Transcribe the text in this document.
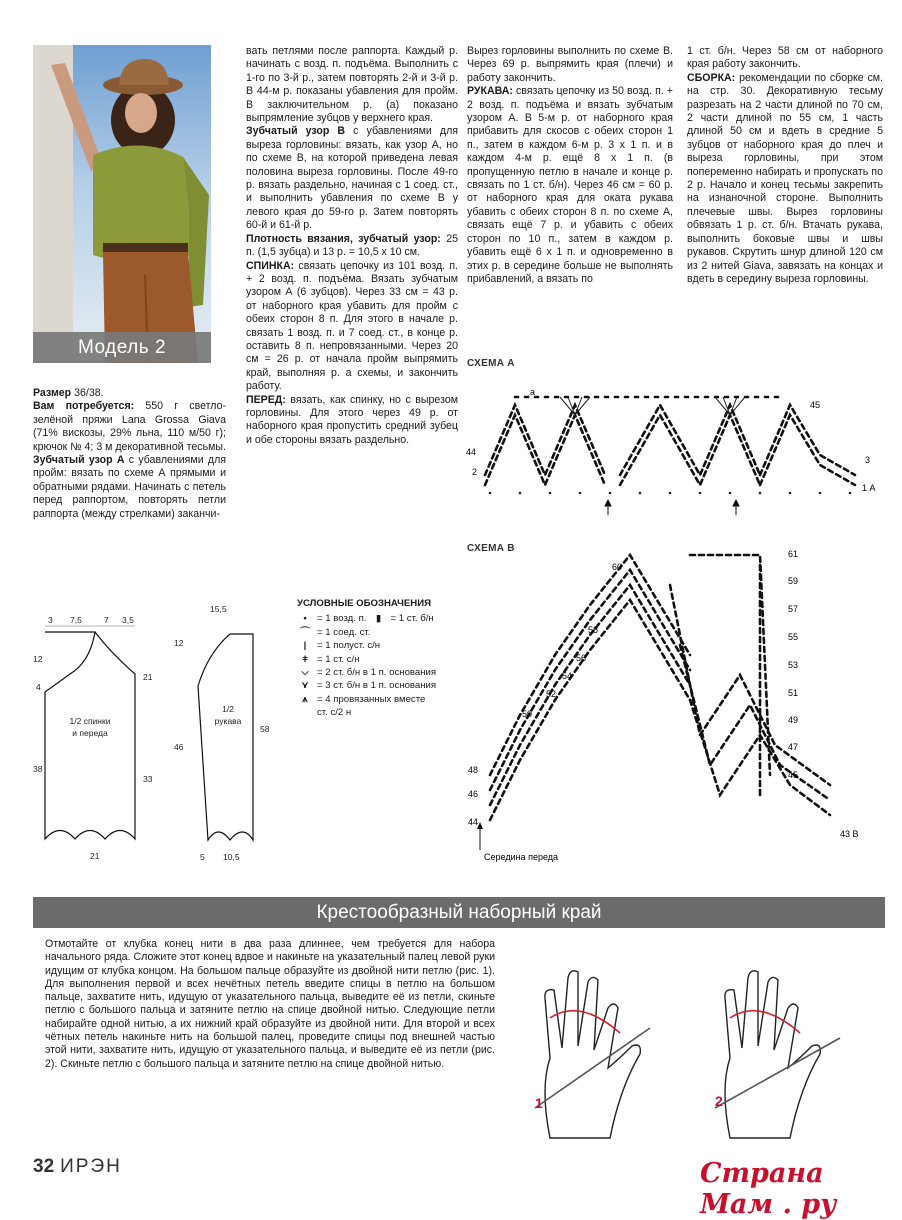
Модель 2

Размер 36/38.

Вам потребуется: 550 г светло-зелёной пряжи Lana Grossa Giava (71% вискозы, 29% льна, 110 м/50 г); крючок № 4; 3 м декоративной тесьмы.

Зубчатый узор А с убавлениями для пройм: вязать по схеме А прямыми и обратными рядами. Начинать с петель перед раппортом, повторять петли раппорта (между стрелками) заканчи-

вать петлями после раппорта. Каждый р. начинать с возд. п. подъёма. Выполнить с 1-го по 3-й р., затем повторять 2-й и 3-й р. В 44-м р. показаны убавления для пройм. В заключительном р. (а) показано выпрямление зубцов у верхнего края.

Зубчатый узор В с убавлениями для выреза горловины: вязать, как узор А, но по схеме В, на которой приведена левая половина выреза горловины. После 49-го р. вязать раздельно, начиная с 1 соед. ст., и выполнить убавления по схеме В у левого края до 59-го р. Затем повторять 60-й и 61-й р.

Плотность вязания, зубчатый узор: 25 п. (1,5 зубца) и 13 р. = 10,5 х 10 см.

СПИНКА: связать цепочку из 101 возд. п. + 2 возд. п. подъёма. Вязать зубчатым узором А (6 зубцов). Через 33 см = 43 р. от наборного края убавить для пройм с обеих сторон 8 п. Для этого в начале р. связать 1 возд. п. и 7 соед. ст., в конце р. оставить 8 п. непровязанными. Через 20 см = 26 р. от начала пройм выпрямить край, выполняя р. а схемы, и закончить работу.

ПЕРЕД: вязать, как спинку, но с вырезом горловины. Для этого через 49 р. от наборного края пропустить средний зубец и обе стороны вязать раздельно.

Вырез горловины выполнить по схеме В. Через 69 р. выпрямить края (плечи) и работу закончить.

РУКАВА: связать цепочку из 50 возд. п. + 2 возд. п. подъёма и вязать зубчатым узором А. В 5-м р. от наборного края прибавить для скосов с обеих сторон 1 п., затем в каждом 6-м р. 3 х 1 п. и в каждом 4-м р. ещё 8 х 1 п. (в пропущенную петлю в начале и конце р. связать по 1 ст. б/н). Через 46 см = 60 р. от наборного края для оката рукава убавить с обеих сторон 8 п. по схеме А, связать ещё 7 р. и убавить с обеих сторон по 10 п., затем в каждом р. убавить ещё 6 х 1 п. и одновременно в этих р. в середине больше не выполнять прибавлений, а вязать по

1 ст. б/н. Через 58 см от наборного края работу закончить.

СБОРКА: рекомендации по сборке см. на стр. 30. Декоративную тесьму разрезать на 2 части длиной по 70 см, 2 части длиной по 55 см, 1 часть длиной 50 см и вдеть в средние 5 зубцов от наборного края до плеч и выреза горловины, при этом попеременно набирать и пропускать по 2 р. Начало и конец тесьмы закрепить на изнаночной стороне. Выполнить плечевые швы. Вырез горловины обвязать 1 р. ст. б/н. Втачать рукава, выполнить боковые швы и швы рукавов. Скрутить шнур длиной 120 см из 2 нитей Giava, завязать на концах и вдеть в середину выреза горловины.

СХЕМА А
а
45
44
3
2
1 А
СХЕМА В	61
59
57
55
53
51
49
47
45
60
58
56
54
52
50
48
46
44
43 В
Середина переда
3 7,5	7 3,5
12
4
38
21
33
21
1/2 спинки
и переда
15,5
12
46
58
5 10,5
1/2
рукава
УСЛОВНЫЕ ОБОЗНАЧЕНИЯ
•	= 1 возд. п. ▮ = 1 ст. б/н
⌒ = 1 соед. ст.
|	= 1 полуст. с/н
ǂ = 1 ст. с/н
⌵ = 2 ст. б/н в 1 п. основания
⋎ = 3 ст. б/н в 1 п. основания
⩚ = 4 провязанных вместе
ст. с/2 н
Крестообразный наборный край
Отмотайте от клубка конец нити в два раза длиннее, чем требуется для набора начального ряда. Сложите этот конец вдвое и накиньте на указательный палец левой руки идущим от клубка концом. На большом пальце образуйте из двойной нити петлю (рис. 1). Для выполнения первой и всех нечётных петель введите спицы в петлю на большом пальце, захватите нить, идущую от указательного пальца, выведите её из петли, скиньте петлю с большого пальца и затяните петлю на спице двойной нитью. Следующие петли набирайте одной нитью, а их нижний край образуйте из двойной нити. Для второй и всех чётных петель накиньте нить на большой палец, проведите спицы под внешней частью этой нити, захватите нить, идущую от указательного пальца, и выведите её из петли (рис. 2). Скиньте петлю с большого пальца и затяните петлю на спице двойной нитью.
1	2
32 ИРЭН	Страна Мам . ру
